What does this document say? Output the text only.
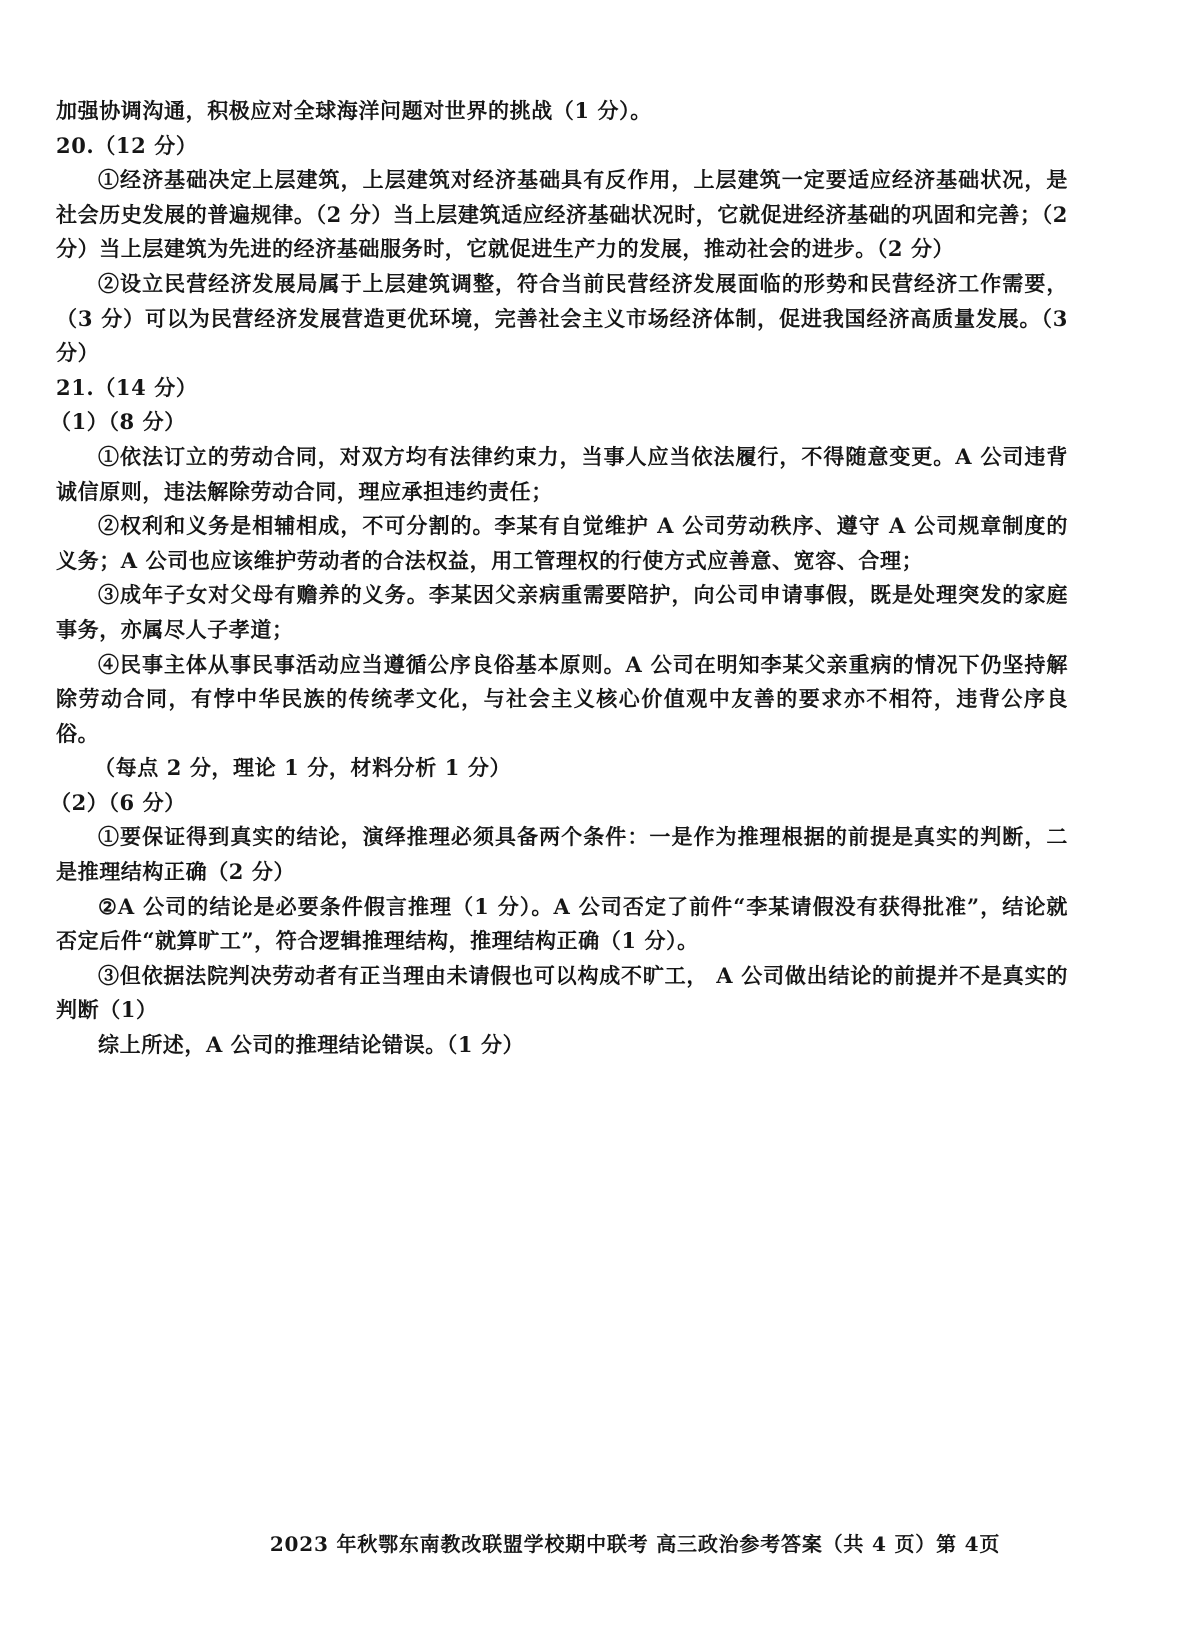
加强协调沟通，积极应对全球海洋问题对世界的挑战（1 分）。

20.（12 分）

①经济基础决定上层建筑，上层建筑对经济基础具有反作用，上层建筑一定要适应经济基础状况，是社会历史发展的普遍规律。（2 分）当上层建筑适应经济基础状况时，它就促进经济基础的巩固和完善；（2 分）当上层建筑为先进的经济基础服务时，它就促进生产力的发展，推动社会的进步。（2 分）

②设立民营经济发展局属于上层建筑调整，符合当前民营经济发展面临的形势和民营经济工作需要，（3 分）可以为民营经济发展营造更优环境，完善社会主义市场经济体制，促进我国经济高质量发展。（3 分）

21.（14 分）

（1）（8 分）

①依法订立的劳动合同，对双方均有法律约束力，当事人应当依法履行，不得随意变更。A 公司违背诚信原则，违法解除劳动合同，理应承担违约责任；

②权利和义务是相辅相成，不可分割的。李某有自觉维护 A 公司劳动秩序、遵守 A 公司规章制度的义务；A 公司也应该维护劳动者的合法权益，用工管理权的行使方式应善意、宽容、合理；

③成年子女对父母有赡养的义务。李某因父亲病重需要陪护，向公司申请事假，既是处理突发的家庭事务，亦属尽人子孝道；

④民事主体从事民事活动应当遵循公序良俗基本原则。A 公司在明知李某父亲重病的情况下仍坚持解除劳动合同，有悖中华民族的传统孝文化，与社会主义核心价值观中友善的要求亦不相符，违背公序良俗。

（每点 2 分，理论 1 分，材料分析 1 分）

（2）（6 分）

①要保证得到真实的结论，演绎推理必须具备两个条件：一是作为推理根据的前提是真实的判断，二是推理结构正确（2 分）

②A 公司的结论是必要条件假言推理（1 分）。A 公司否定了前件“李某请假没有获得批准”，结论就否定后件“就算旷工”，符合逻辑推理结构，推理结构正确（1 分）。

③但依据法院判决劳动者有正当理由未请假也可以构成不旷工， A 公司做出结论的前提并不是真实的判断（1）

综上所述，A 公司的推理结论错误。（1 分）

2023 年秋鄂东南教改联盟学校期中联考 高三政治参考答案（共 4 页）第 4页
